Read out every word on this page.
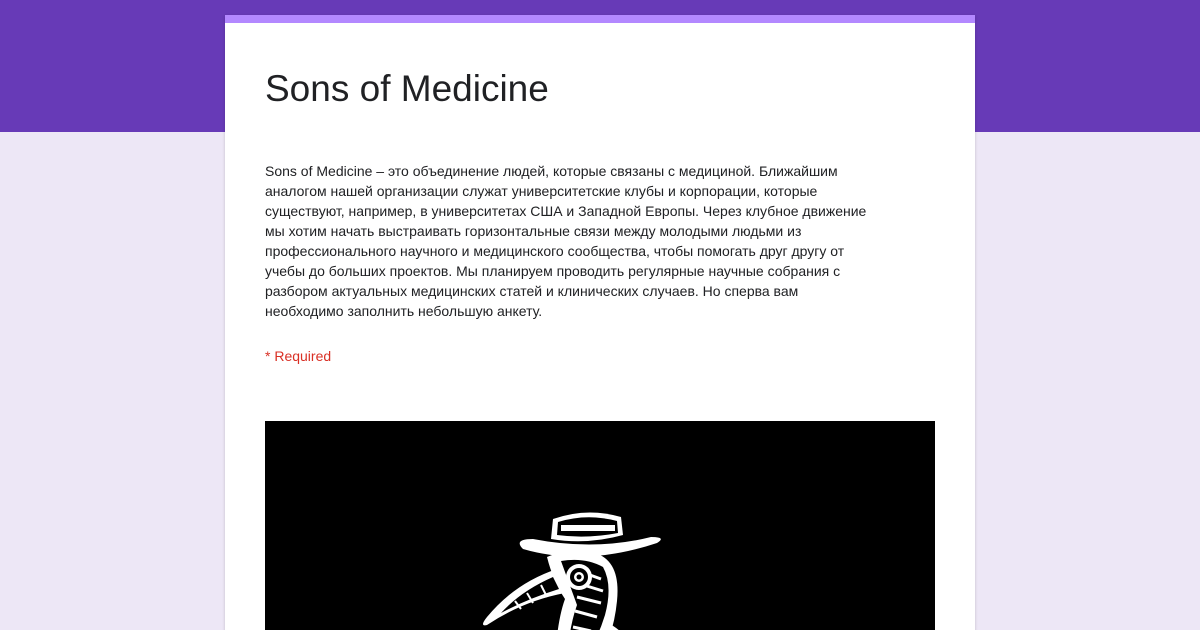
Sons of Medicine

Sons of Medicine – это объединение людей, которые связаны с медициной. Ближайшим
аналогом нашей организации служат университетские клубы и корпорации, которые
существуют, например, в университетах США и Западной Европы. Через клубное движение
мы хотим начать выстраивать горизонтальные связи между молодыми людьми из
профессионального научного и медицинского сообщества, чтобы помогать друг другу от
учебы до больших проектов. Мы планируем проводить регулярные научные собрания с
разбором актуальных медицинских статей и клинических случаев. Но сперва вам
необходимо заполнить небольшую анкету.

* Required
